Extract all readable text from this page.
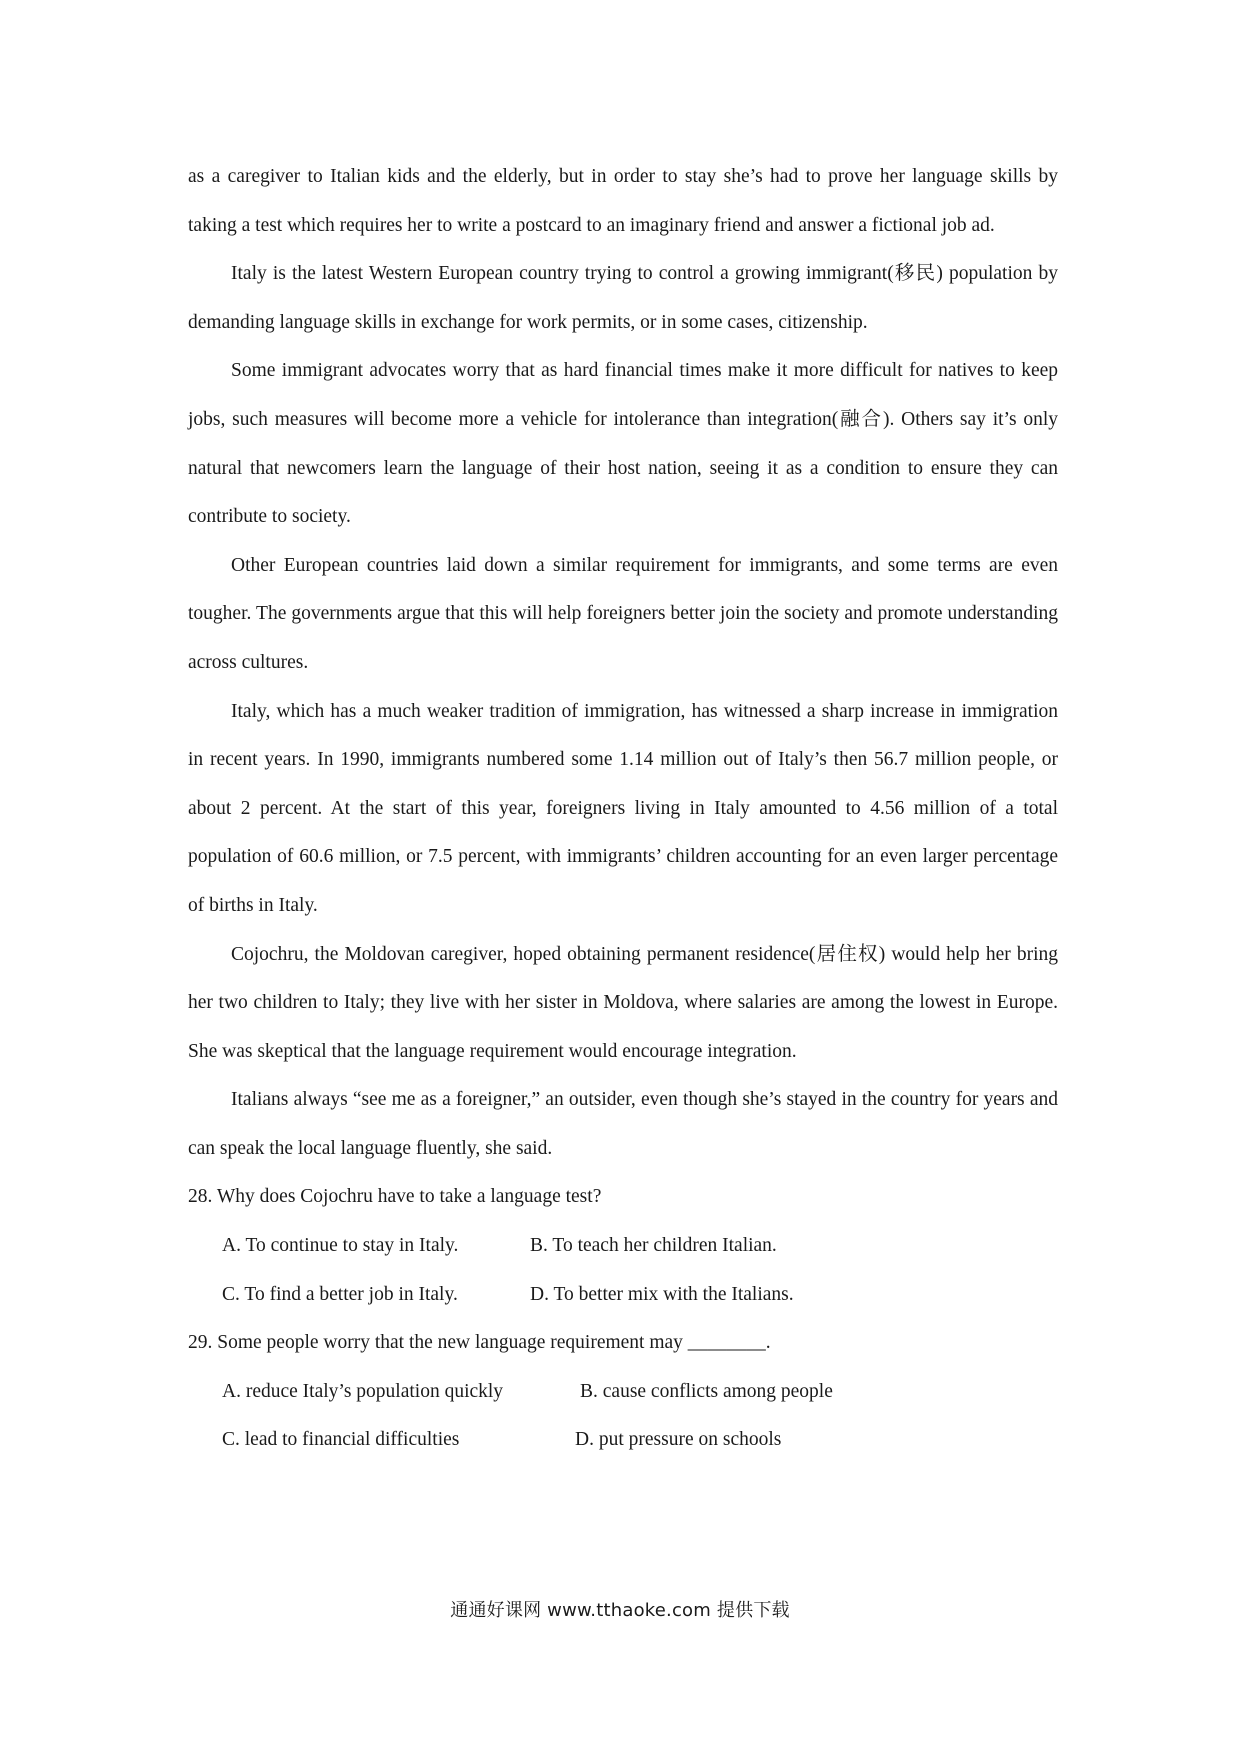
as a caregiver to Italian kids and the elderly, but in order to stay she’s had to prove her language skills by taking a test which requires her to write a postcard to an imaginary friend and answer a fictional job ad.

Italy is the latest Western European country trying to control a growing immigrant(移民) population by demanding language skills in exchange for work permits, or in some cases, citizenship.

Some immigrant advocates worry that as hard financial times make it more difficult for natives to keep jobs, such measures will become more a vehicle for intolerance than integration(融合). Others say it’s only natural that newcomers learn the language of their host nation, seeing it as a condition to ensure they can contribute to society.

Other European countries laid down a similar requirement for immigrants, and some terms are even tougher. The governments argue that this will help foreigners better join the society and promote understanding across cultures.

Italy, which has a much weaker tradition of immigration, has witnessed a sharp increase in immigration in recent years. In 1990, immigrants numbered some 1.14 million out of Italy’s then 56.7 million people, or about 2 percent. At the start of this year, foreigners living in Italy amounted to 4.56 million of a total population of 60.6 million, or 7.5 percent, with immigrants’ children accounting for an even larger percentage of births in Italy.

Cojochru, the Moldovan caregiver, hoped obtaining permanent residence(居住权) would help her bring her two children to Italy; they live with her sister in Moldova, where salaries are among the lowest in Europe. She was skeptical that the language requirement would encourage integration.

Italians always “see me as a foreigner,” an outsider, even though she’s stayed in the country for years and can speak the local language fluently, she said.

28. Why does Cojochru have to take a language test?

A. To continue to stay in Italy.	B. To teach her children Italian.

C. To find a better job in Italy.	D. To better mix with the Italians.

29. Some people worry that the new language requirement may ________.

A. reduce Italy’s population quickly	B. cause conflicts among people

C. lead to financial difficulties	D. put pressure on schools

通通好课网 www.tthaoke.com 提供下载
